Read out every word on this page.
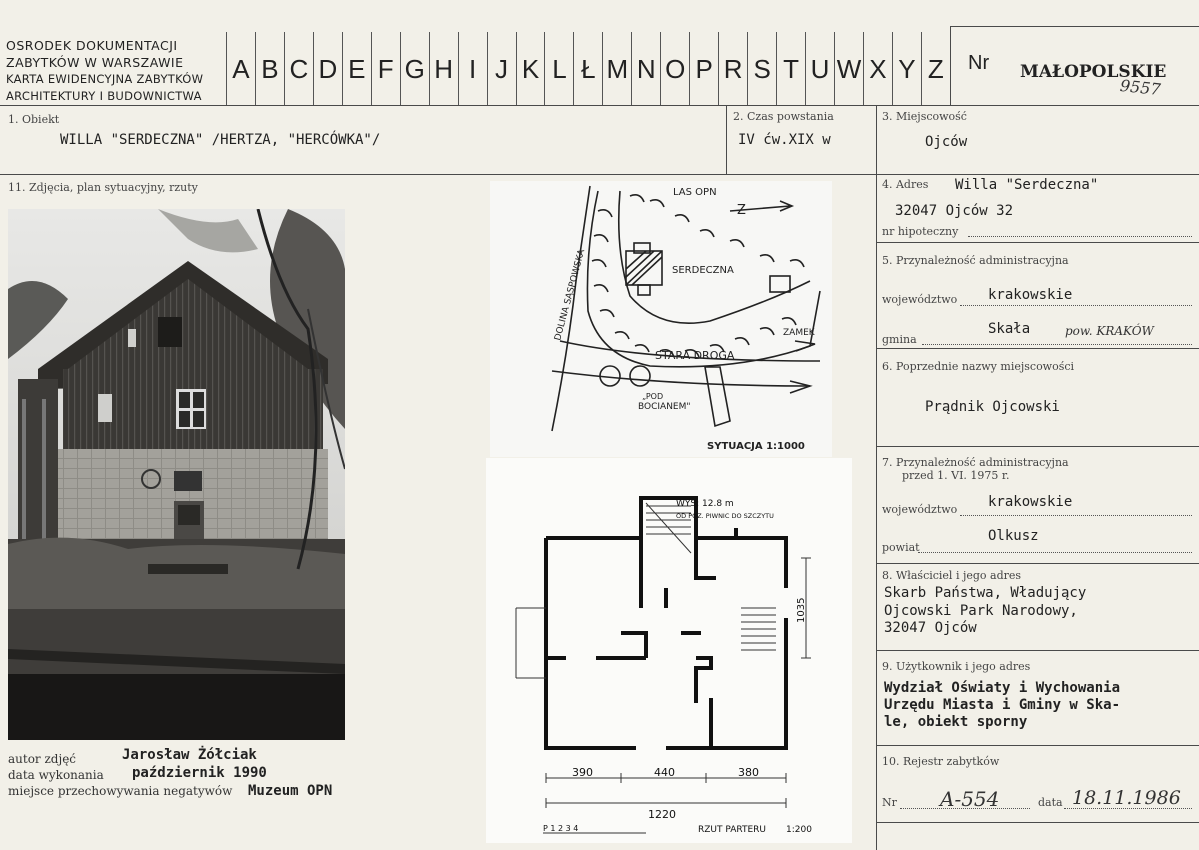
OSRODEK DOKUMENTACJI
ZABYTKÓW W WARSZAWIE
KARTA EWIDENCYJNA ZABYTKÓW
ARCHITEKTURY I BUDOWNICTWA
A B C D E F G H I J K L Ł M N O P R S T U W X Y Z	Nr MAŁOPOLSKIE
9557
1. Obiekt
WILLA "SERDECZNA" /HERTZA, "HERCÓWKA"/
2. Czas powstania
IV ćw.XIX w
3. Miejscowość
Ojców
11. Zdjęcia, plan sytuacyjny, rzuty	LAS OPN
Z
SERDECZNA
ZAMEK
STARA DROGA
DOLINA SĄSPOWSKA
„POD
BOCIANEM"
SYTUACJA 1:1000
WYS: 12.8 m
OD POZ. PIWNIC DO SZCZYTU
1035
390	440	380
1220
P 1 2 3 4	RZUT PARTERU 1:200
autor zdjęć
data wykonania
miejsce przechowywania negatywów
Jarosław Żółciak
październik 1990
Muzeum OPN
4. Adres Willa "Serdeczna"
32047 Ojców 32
nr hipoteczny
5. Przynależność administracyjna
województwo krakowskie
gmina
Skała	pow. KRAKÓW
6. Poprzednie nazwy miejscowości
Prądnik Ojcowski
7. Przynależność administracyjna
przed 1. VI. 1975 r.
województwo krakowskie
powiat
Olkusz
8. Właściciel i jego adres
Skarb Państwa, Władujący
Ojcowski Park Narodowy,
32047 Ojców
9. Użytkownik i jego adres
Wydział Oświaty i Wychowania
Urzędu Miasta i Gminy w Ska-
le, obiekt sporny
10. Rejestr zabytków
Nr A-554	data 18.11.1986
